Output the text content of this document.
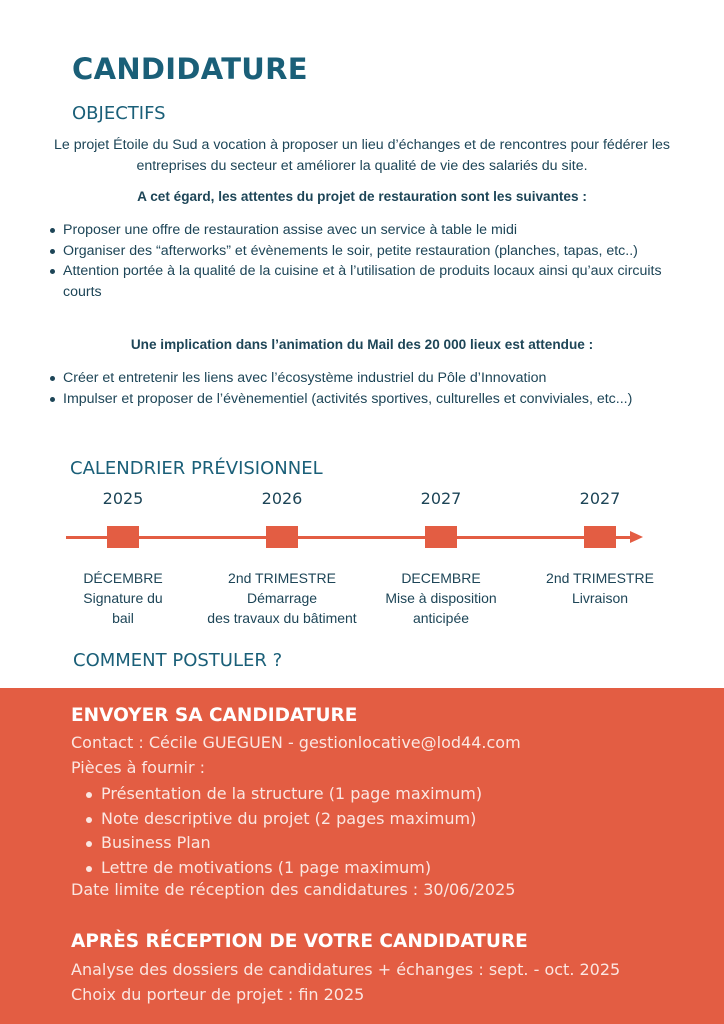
CANDIDATURE
OBJECTIFS

Le projet Étoile du Sud a vocation à proposer un lieu d’échanges et de rencontres pour fédérer les entreprises du secteur et améliorer la qualité de vie des salariés du site.

A cet égard, les attentes du projet de restauration sont les suivantes :
Proposer une offre de restauration assise avec un service à table le midi
Organiser des “afterworks” et évènements le soir, petite restauration (planches, tapas, etc..)
Attention portée à la qualité de la cuisine et à l’utilisation de produits locaux ainsi qu’aux circuits courts
Une implication dans l’animation du Mail des 20 000 lieux est attendue :
Créer et entretenir les liens avec l’écosystème industriel du Pôle d’Innovation
Impulser et proposer de l’évènementiel (activités sportives, culturelles et conviviales, etc...)
CALENDRIER PRÉVISIONNEL
2025
DÉCEMBRE
Signature du
bail
2026
2nd TRIMESTRE
Démarrage
des travaux du bâtiment
2027
DECEMBRE
Mise à disposition
anticipée
2027
2nd TRIMESTRE
Livraison
COMMENT POSTULER ?
ENVOYER SA CANDIDATURE
Contact : Cécile GUEGUEN - gestionlocative@lod44.com
Pièces à fournir :
Présentation de la structure (1 page maximum)
Note descriptive du projet (2 pages maximum)
Business Plan
Lettre de motivations (1 page maximum)
Date limite de réception des candidatures : 30/06/2025
APRÈS RÉCEPTION DE VOTRE CANDIDATURE
Analyse des dossiers de candidatures + échanges : sept. - oct. 2025
Choix du porteur de projet : fin 2025
